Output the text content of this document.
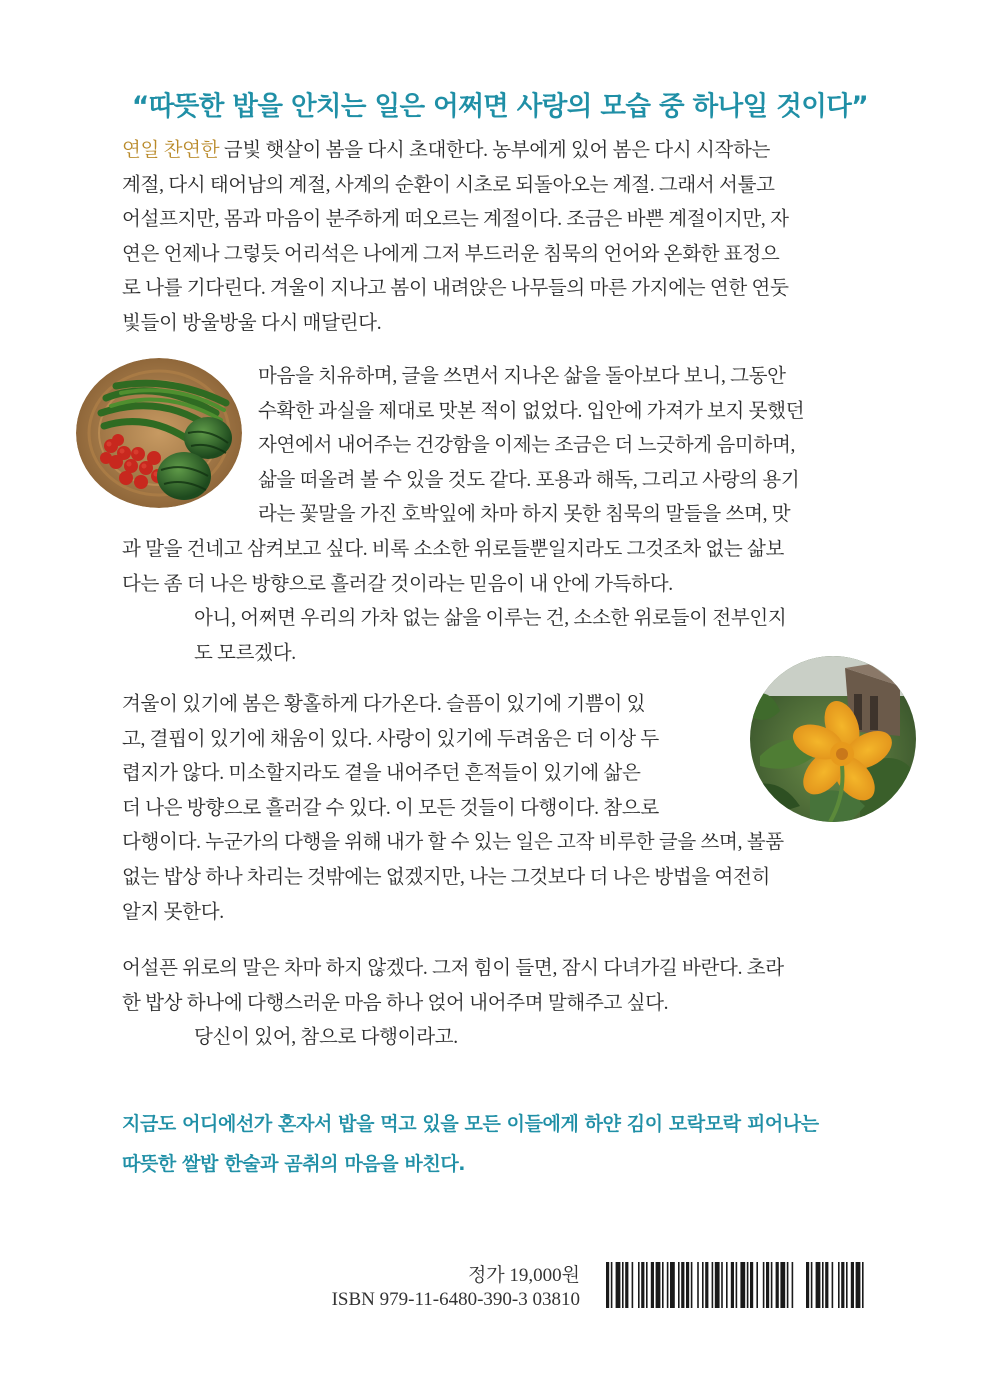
“따뜻한 밥을 안치는 일은 어쩌면 사랑의 모습 중 하나일 것이다”
연일 찬연한 금빛 햇살이 봄을 다시 초대한다. 농부에게 있어 봄은 다시 시작하는
계절, 다시 태어남의 계절, 사계의 순환이 시초로 되돌아오는 계절. 그래서 서툴고
어설프지만, 몸과 마음이 분주하게 떠오르는 계절이다. 조금은 바쁜 계절이지만, 자
연은 언제나 그렇듯 어리석은 나에게 그저 부드러운 침묵의 언어와 온화한 표정으
로 나를 기다린다. 겨울이 지나고 봄이 내려앉은 나무들의 마른 가지에는 연한 연둣
빛들이 방울방울 다시 매달린다.
마음을 치유하며, 글을 쓰면서 지나온 삶을 돌아보다 보니, 그동안
수확한 과실을 제대로 맛본 적이 없었다. 입안에 가져가 보지 못했던
자연에서 내어주는 건강함을 이제는 조금은 더 느긋하게 음미하며,
삶을 떠올려 볼 수 있을 것도 같다. 포용과 해독, 그리고 사랑의 용기
라는 꽃말을 가진 호박잎에 차마 하지 못한 침묵의 말들을 쓰며, 맛
과 말을 건네고 삼켜보고 싶다. 비록 소소한 위로들뿐일지라도 그것조차 없는 삶보
다는 좀 더 나은 방향으로 흘러갈 것이라는 믿음이 내 안에 가득하다.
아니, 어쩌면 우리의 가차 없는 삶을 이루는 건, 소소한 위로들이 전부인지
도 모르겠다.
겨울이 있기에 봄은 황홀하게 다가온다. 슬픔이 있기에 기쁨이 있
고, 결핍이 있기에 채움이 있다. 사랑이 있기에 두려움은 더 이상 두
렵지가 않다. 미소할지라도 곁을 내어주던 흔적들이 있기에 삶은
더 나은 방향으로 흘러갈 수 있다. 이 모든 것들이 다행이다. 참으로
다행이다. 누군가의 다행을 위해 내가 할 수 있는 일은 고작 비루한 글을 쓰며, 볼품
없는 밥상 하나 차리는 것밖에는 없겠지만, 나는 그것보다 더 나은 방법을 여전히
알지 못한다.
어설픈 위로의 말은 차마 하지 않겠다. 그저 힘이 들면, 잠시 다녀가길 바란다. 초라
한 밥상 하나에 다행스러운 마음 하나 얹어 내어주며 말해주고 싶다.
당신이 있어, 참으로 다행이라고.
지금도 어디에선가 혼자서 밥을 먹고 있을 모든 이들에게 하얀 김이 모락모락 피어나는
따뜻한 쌀밥 한술과 곰취의 마음을 바친다.
정가 19,000원
ISBN 979-11-6480-390-3 03810
